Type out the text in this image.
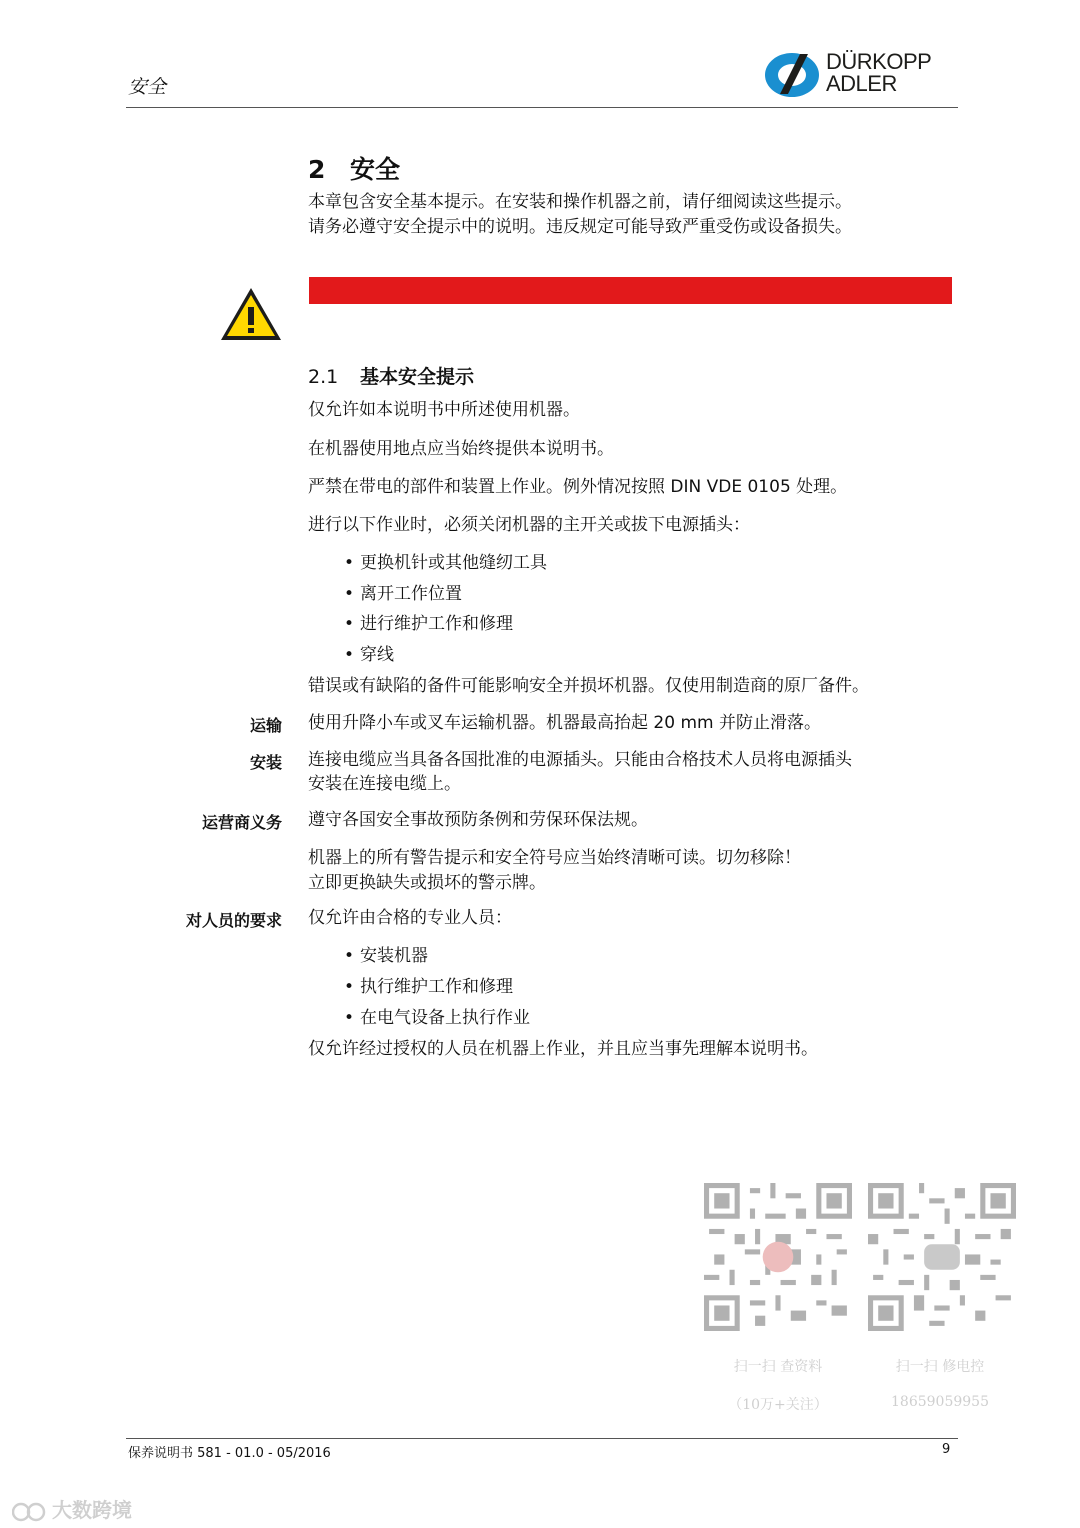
安全
DÜRKOPP
ADLER
2 安全
本章包含安全基本提示。在安装和操作机器之前，请仔细阅读这些提示。
请务必遵守安全提示中的说明。违反规定可能导致严重受伤或设备损失。
2.1 基本安全提示
仅允许如本说明书中所述使用机器。
在机器使用地点应当始终提供本说明书。
严禁在带电的部件和装置上作业。例外情况按照 DIN VDE 0105 处理。
进行以下作业时，必须关闭机器的主开关或拔下电源插头：
• 更换机针或其他缝纫工具
• 离开工作位置
• 进行维护工作和修理
• 穿线
错误或有缺陷的备件可能影响安全并损坏机器。仅使用制造商的原厂备件。
运输 使用升降小车或叉车运输机器。机器最高抬起 20 mm 并防止滑落。
安装 连接电缆应当具备各国批准的电源插头。只能由合格技术人员将电源插头
安装在连接电缆上。
运营商义务 遵守各国安全事故预防条例和劳保环保法规。
机器上的所有警告提示和安全符号应当始终清晰可读。切勿移除！
立即更换缺失或损坏的警示牌。
对人员的要求 仅允许由合格的专业人员：
• 安装机器
• 执行维护工作和修理
• 在电气设备上执行作业
仅允许经过授权的人员在机器上作业，并且应当事先理解本说明书。
扫一扫 查资料
（10万+关注）
扫一扫 修电控
18659059955
保养说明书 581 - 01.0 - 05/2016	9
大数跨境
